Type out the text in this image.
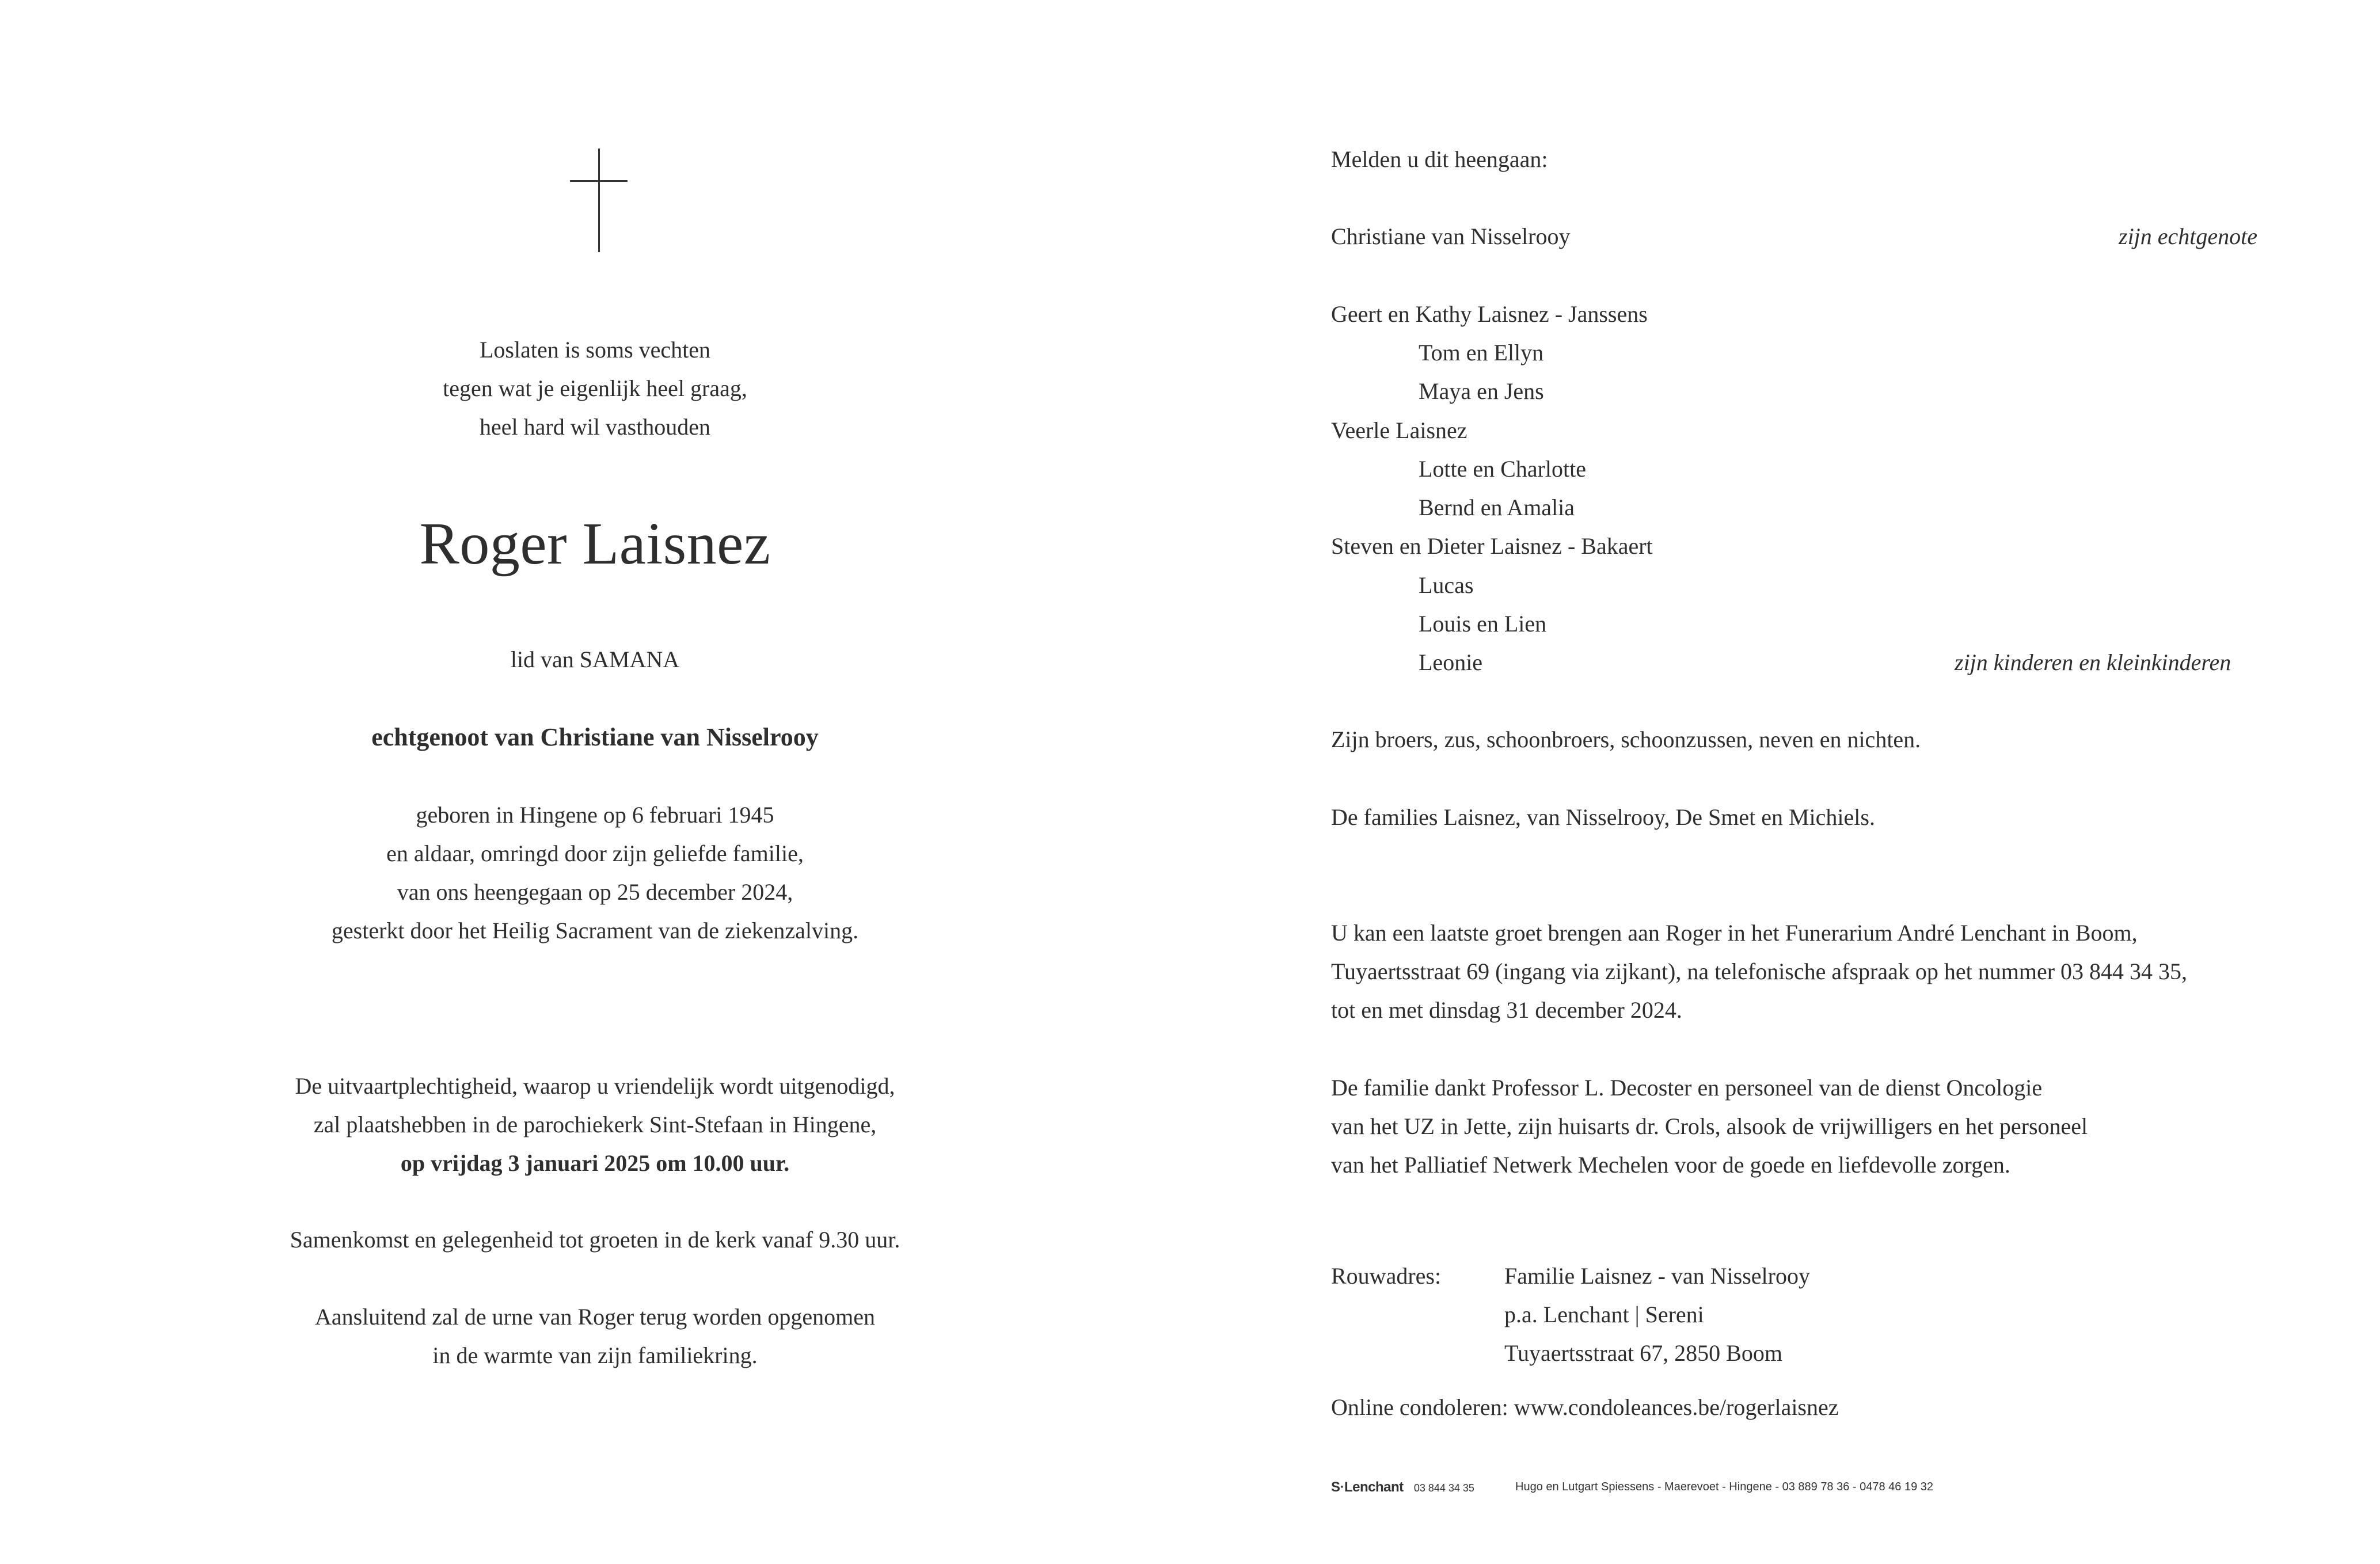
Loslaten is soms vechten

tegen wat je eigenlijk heel graag,

heel hard wil vasthouden

Roger Laisnez

lid van SAMANA

echtgenoot van Christiane van Nisselrooy

geboren in Hingene op 6 februari 1945

en aldaar, omringd door zijn geliefde familie,

van ons heengegaan op 25 december 2024,

gesterkt door het Heilig Sacrament van de ziekenzalving.

De uitvaartplechtigheid, waarop u vriendelijk wordt uitgenodigd,

zal plaatshebben in de parochiekerk Sint-Stefaan in Hingene,

op vrijdag 3 januari 2025 om 10.00 uur.

Samenkomst en gelegenheid tot groeten in de kerk vanaf 9.30 uur.

Aansluitend zal de urne van Roger terug worden opgenomen

in de warmte van zijn familiekring.

Melden u dit heengaan:
Christiane van Nisselrooy	zijn echtgenote
Geert en Kathy Laisnez - Janssens
Tom en Ellyn
Maya en Jens
Veerle Laisnez
Lotte en Charlotte
Bernd en Amalia
Steven en Dieter Laisnez - Bakaert
Lucas
Louis en Lien
Leonie	zijn kinderen en kleinkinderen
Zijn broers, zus, schoonbroers, schoonzussen, neven en nichten.
De families Laisnez, van Nisselrooy, De Smet en Michiels.
U kan een laatste groet brengen aan Roger in het Funerarium André Lenchant in Boom,
Tuyaertsstraat 69 (ingang via zijkant), na telefonische afspraak op het nummer 03 844 34 35,
tot en met dinsdag 31 december 2024.
De familie dankt Professor L. Decoster en personeel van de dienst Oncologie
van het UZ in Jette, zijn huisarts dr. Crols, alsook de vrijwilligers en het personeel
van het Palliatief Netwerk Mechelen voor de goede en liefdevolle zorgen.
Rouwadres:	Familie Laisnez - van Nisselrooy
p.a. Lenchant | Sereni
Tuyaertsstraat 67, 2850 Boom
Online condoleren: www.condoleances.be/rogerlaisnez
S·Lenchant 03 844 34 35	Hugo en Lutgart Spiessens - Maerevoet - Hingene - 03 889 78 36 - 0478 46 19 32
